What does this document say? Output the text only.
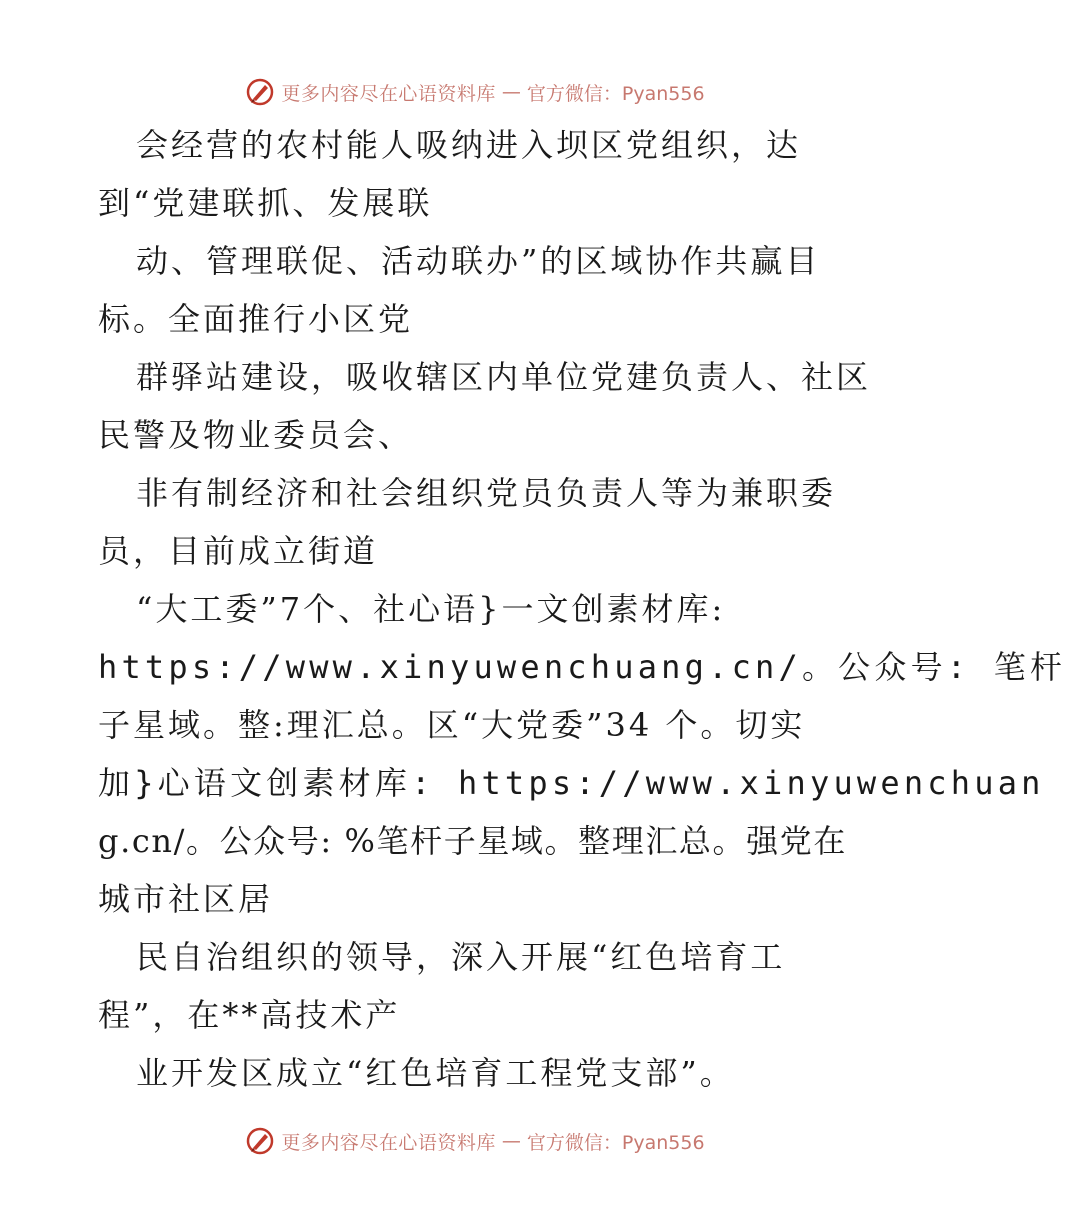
更多内容尽在心语资料库 — 官方微信：Pyan556
会经营的农村能人吸纳进入坝区党组织，达
到“党建联抓、发展联
动、管理联促、活动联办”的区域协作共赢目
标。全面推行小区党
群驿站建设，吸收辖区内单位党建负责人、社区
民警及物业委员会、
非有制经济和社会组织党员负责人等为兼职委
员，目前成立街道
“大工委”7个、社心语}一文创素材库:
https://www.xinyuwenchuang.cn/。公众号: 笔杆
子星域。整:理汇总。区“大党委”34 个。切实
加}心语文创素材库: https://www.xinyuwenchuan
g.cn/。公众号: %笔杆子星域。整理汇总。强党在
城市社区居
民自治组织的领导，深入开展“红色培育工
程”，在**高技术产
业开发区成立“红色培育工程党支部”。
更多内容尽在心语资料库 — 官方微信：Pyan556
